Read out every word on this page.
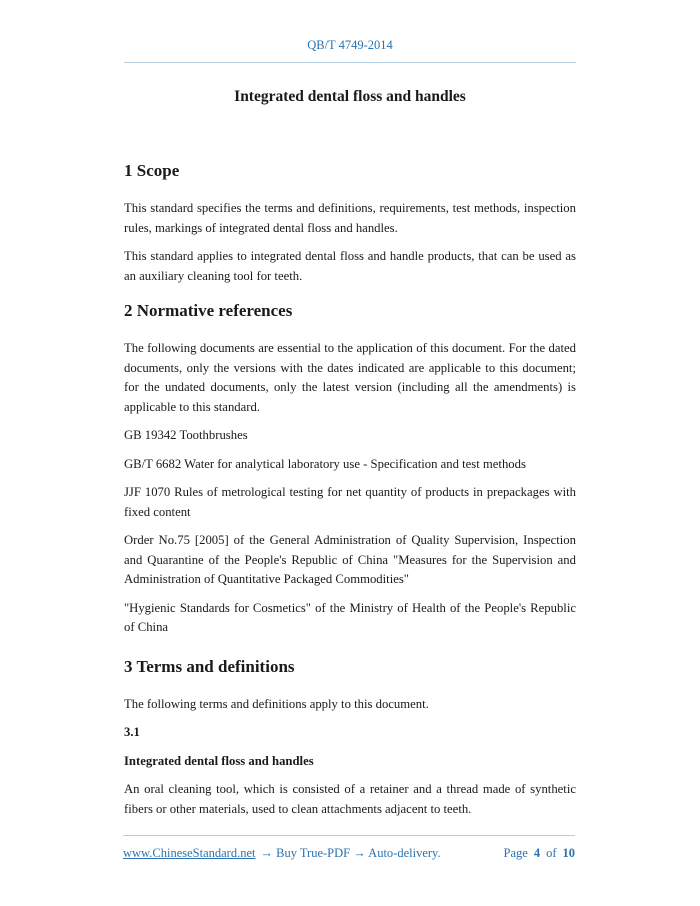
QB/T 4749-2014
Integrated dental floss and handles
1 Scope

This standard specifies the terms and definitions, requirements, test methods, inspection rules, markings of integrated dental floss and handles.

This standard applies to integrated dental floss and handle products, that can be used as an auxiliary cleaning tool for teeth.

2 Normative references

The following documents are essential to the application of this document. For the dated documents, only the versions with the dates indicated are applicable to this document; for the undated documents, only the latest version (including all the amendments) is applicable to this standard.

GB 19342 Toothbrushes

GB/T 6682 Water for analytical laboratory use - Specification and test methods

JJF 1070 Rules of metrological testing for net quantity of products in prepackages with fixed content

Order No.75 [2005] of the General Administration of Quality Supervision, Inspection and Quarantine of the People's Republic of China "Measures for the Supervision and Administration of Quantitative Packaged Commodities"

"Hygienic Standards for Cosmetics" of the Ministry of Health of the People's Republic of China

3 Terms and definitions

The following terms and definitions apply to this document.

3.1

Integrated dental floss and handles

An oral cleaning tool, which is consisted of a retainer and a thread made of synthetic fibers or other materials, used to clean attachments adjacent to teeth.

www.ChineseStandard.net → Buy True-PDF → Auto-delivery.	Page 4 of 10
